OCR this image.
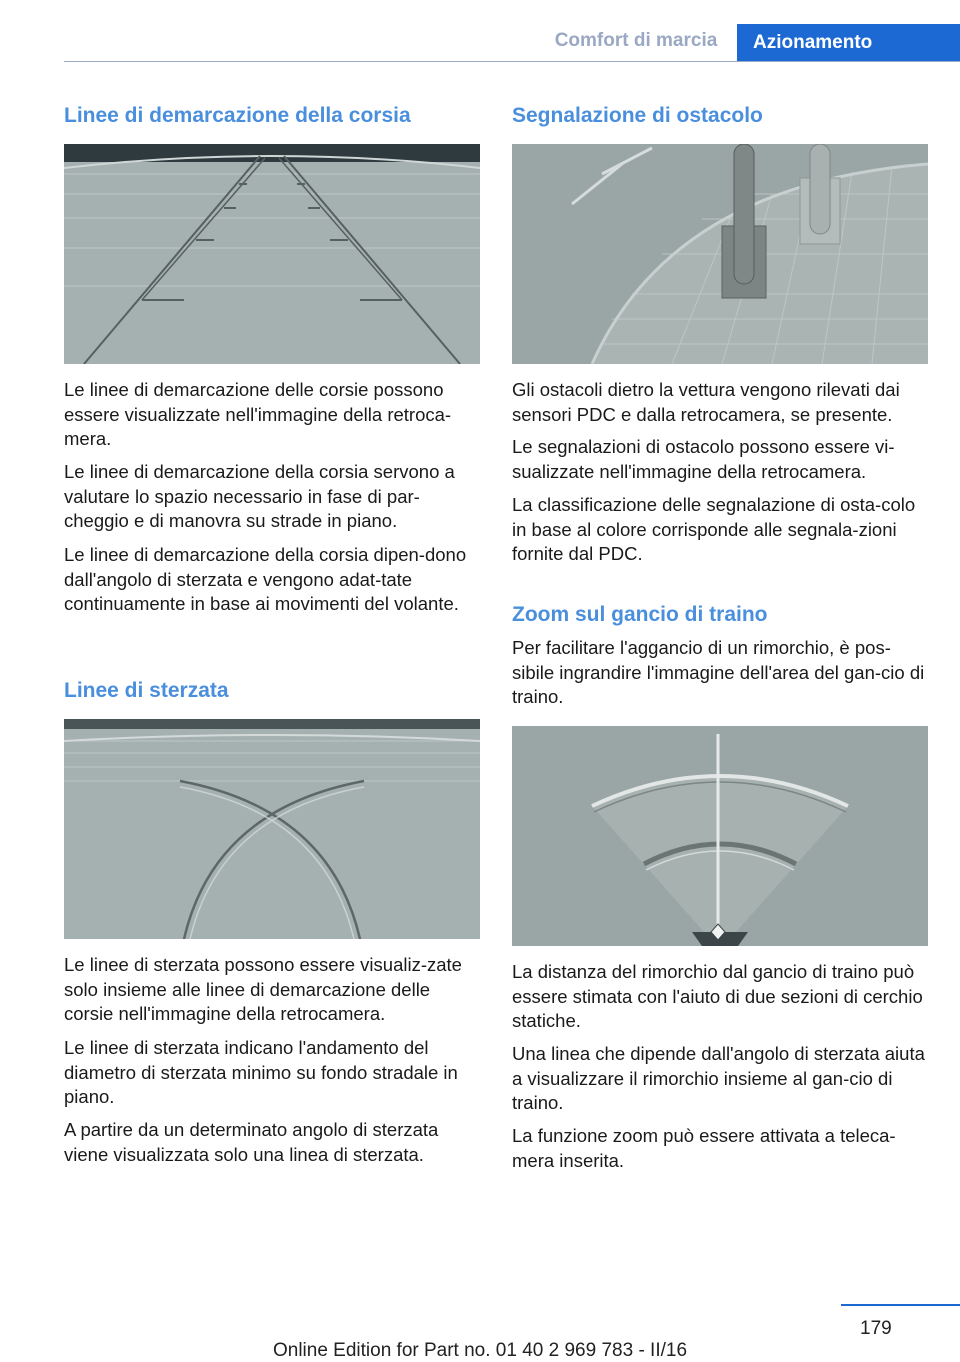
Comfort di marcia	Azionamento
Linee di demarcazione della corsia

Le linee di demarcazione delle corsie possono essere visualizzate nell'immagine della retroca‐mera.

Le linee di demarcazione della corsia servono a valutare lo spazio necessario in fase di par‐cheggio e di manovra su strade in piano.

Le linee di demarcazione della corsia dipen‐dono dall'angolo di sterzata e vengono adat‐tate continuamente in base ai movimenti del volante.

Linee di sterzata

Le linee di sterzata possono essere visualiz‐zate solo insieme alle linee di demarcazione delle corsie nell'immagine della retrocamera.

Le linee di sterzata indicano l'andamento del diametro di sterzata minimo su fondo stradale in piano.

A partire da un determinato angolo di sterzata viene visualizzata solo una linea di sterzata.

Segnalazione di ostacolo

Gli ostacoli dietro la vettura vengono rilevati dai sensori PDC e dalla retrocamera, se presente.

Le segnalazioni di ostacolo possono essere vi‐sualizzate nell'immagine della retrocamera.

La classificazione delle segnalazione di osta‐colo in base al colore corrisponde alle segnala‐zioni fornite dal PDC.

Zoom sul gancio di traino

Per facilitare l'aggancio di un rimorchio, è pos‐sibile ingrandire l'immagine dell'area del gan‐cio di traino.

La distanza del rimorchio dal gancio di traino può essere stimata con l'aiuto di due sezioni di cerchio statiche.

Una linea che dipende dall'angolo di sterzata aiuta a visualizzare il rimorchio insieme al gan‐cio di traino.

La funzione zoom può essere attivata a teleca‐mera inserita.

179
Online Edition for Part no. 01 40 2 969 783 - II/16
